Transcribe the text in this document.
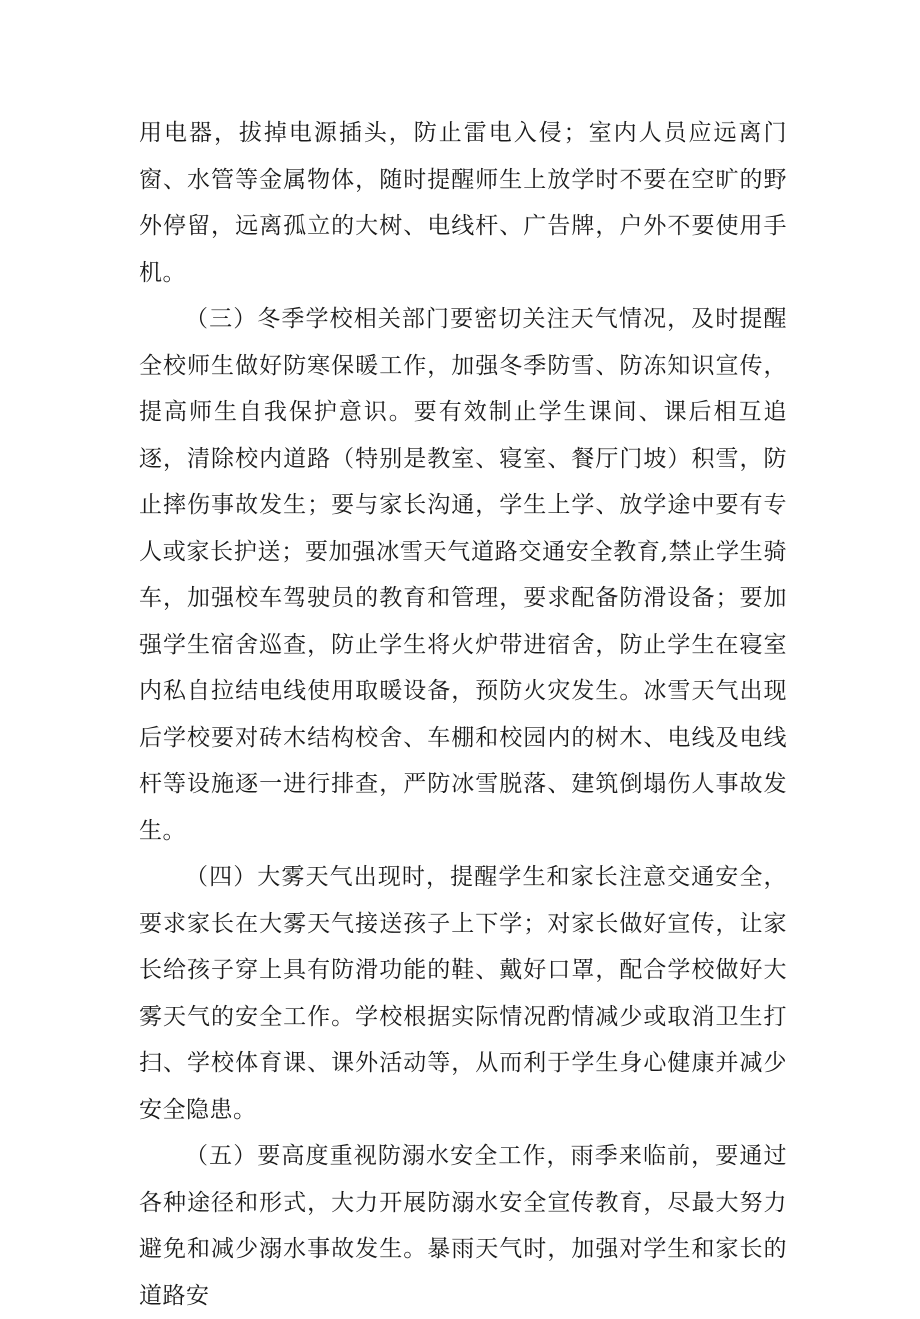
用电器，拔掉电源插头，防止雷电入侵；室内人员应远离门窗、水管等金属物体，随时提醒师生上放学时不要在空旷的野外停留，远离孤立的大树、电线杆、广告牌，户外不要使用手机。

（三）冬季学校相关部门要密切关注天气情况，及时提醒全校师生做好防寒保暖工作，加强冬季防雪、防冻知识宣传，提高师生自我保护意识。要有效制止学生课间、课后相互追逐，清除校内道路（特别是教室、寝室、餐厅门坡）积雪，防止摔伤事故发生；要与家长沟通，学生上学、放学途中要有专人或家长护送；要加强冰雪天气道路交通安全教育,禁止学生骑车，加强校车驾驶员的教育和管理，要求配备防滑设备；要加强学生宿舍巡查，防止学生将火炉带进宿舍，防止学生在寝室内私自拉结电线使用取暖设备，预防火灾发生。冰雪天气出现后学校要对砖木结构校舍、车棚和校园内的树木、电线及电线杆等设施逐一进行排查，严防冰雪脱落、建筑倒塌伤人事故发生。

（四）大雾天气出现时，提醒学生和家长注意交通安全，要求家长在大雾天气接送孩子上下学；对家长做好宣传，让家长给孩子穿上具有防滑功能的鞋、戴好口罩，配合学校做好大雾天气的安全工作。学校根据实际情况酌情减少或取消卫生打扫、学校体育课、课外活动等，从而利于学生身心健康并减少安全隐患。

（五）要高度重视防溺水安全工作，雨季来临前，要通过各种途径和形式，大力开展防溺水安全宣传教育，尽最大努力避免和减少溺水事故发生。暴雨天气时，加强对学生和家长的道路安
